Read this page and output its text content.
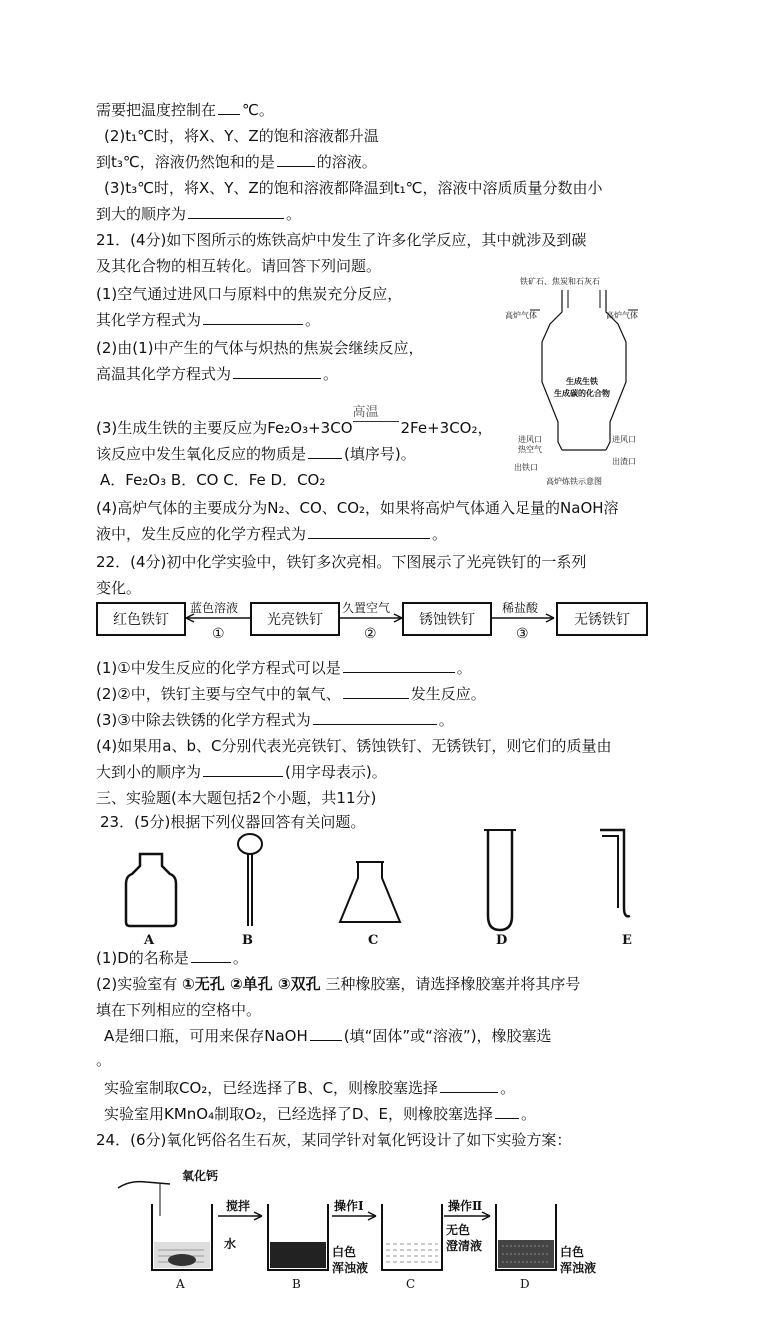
需要把温度控制在 ℃。
(2)t₁℃时，将X、Y、Z的饱和溶液都升温
到t₃℃，溶液仍然饱和的是	的溶液。
(3)t₃℃时，将X、Y、Z的饱和溶液都降温到t₁℃，溶液中溶质质量分数由小
到大的顺序为	。
21．(4分)如下图所示的炼铁高炉中发生了许多化学反应，其中就涉及到碳
及其化合物的相互转化。请回答下列问题。
(1)空气通过进风口与原料中的焦炭充分反应，
其化学方程式为	。
(2)由(1)中产生的气体与炽热的焦炭会继续反应，
高温其化学方程式为	。
(3)生成生铁的主要反应为Fe₂O₃+3CO
高温
2Fe+3CO₂，
该反应中发生氧化反应的物质是	(填序号)。
A．Fe₂O₃ B．CO C．Fe D．CO₂
(4)高炉气体的主要成分为N₂、CO、CO₂，如果将高炉气体通入足量的NaOH溶
液中，发生反应的化学方程式为	。
铁矿石、焦炭和石灰石
高炉气体	高炉气体
生成生铁
生成碳的化合物
进风口
热空气
出铁口
进风口
出渣口
高炉炼铁示意图
22．(4分)初中化学实验中，铁钉多次亮相。下图展示了光亮铁钉的一系列
变化。
红色铁钉	光亮铁钉	锈蚀铁钉	无锈铁钉
蓝色溶液	久置空气	稀盐酸
①	②	③
(1)①中发生反应的化学方程式可以是	。
(2)②中，铁钉主要与空气中的氧气、	发生反应。
(3)③中除去铁锈的化学方程式为	。
(4)如果用a、b、C分别代表光亮铁钉、锈蚀铁钉、无锈铁钉，则它们的质量由
大到小的顺序为	(用字母表示)。
三、实验题(本大题包括2个小题，共11分)
23．(5分)根据下列仪器回答有关问题。
A	B	C	D	E
(1)D的名称是	。
(2)实验室有 ①无孔 ②单孔 ③双孔 三种橡胶塞，请选择橡胶塞并将其序号
填在下列相应的空格中。
A是细口瓶，可用来保存NaOH (填“固体”或“溶液”)，橡胶塞选
。
实验室制取CO₂，已经选择了B、C，则橡胶塞选择	。
实验室用KMnO₄制取O₂，已经选择了D、E，则橡胶塞选择 。
24．(6分)氧化钙俗名生石灰，某同学针对氧化钙设计了如下实验方案：
氧化钙
水
搅拌
白色
浑浊液
操作Ⅰ
无色
澄清液
操作Ⅱ
白色
浑浊液
A	B	C	D
